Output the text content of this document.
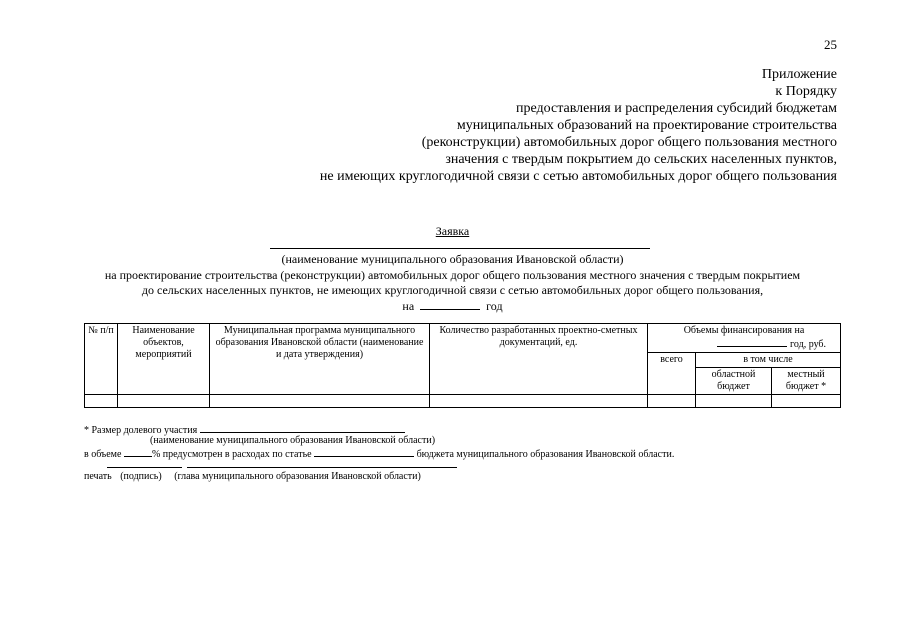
25
Приложение
к Порядку
предоставления и распределения субсидий бюджетам
муниципальных образований на проектирование строительства
(реконструкции) автомобильных дорог общего пользования местного
значения с твердым покрытием до сельских населенных пунктов,
не имеющих круглогодичной связи с сетью автомобильных дорог общего пользования
Заявка
(наименование муниципального образования Ивановской области)
на проектирование строительства (реконструкции) автомобильных дорог общего пользования местного значения с твердым покрытием
до сельских населенных пунктов, не имеющих круглогодичной связи с сетью автомобильных дорог общего пользования,
на	год
№ п/п	Наименование объектов, мероприятий	Муниципальная программа муниципального образования Ивановской области (наименование и дата утверждения)	Количество разработанных проектно-сметных документаций, ед.	Объемы финансирования на
год, руб.		

				всего	в том числе	
					областной бюджет	местный бюджет *

* Размер долевого участия
(наименование муниципального образования Ивановской области)
в объеме	% предусмотрен в расходах по статье	бюджета муниципального образования Ивановской области.

печать (подпись) (глава муниципального образования Ивановской области)
